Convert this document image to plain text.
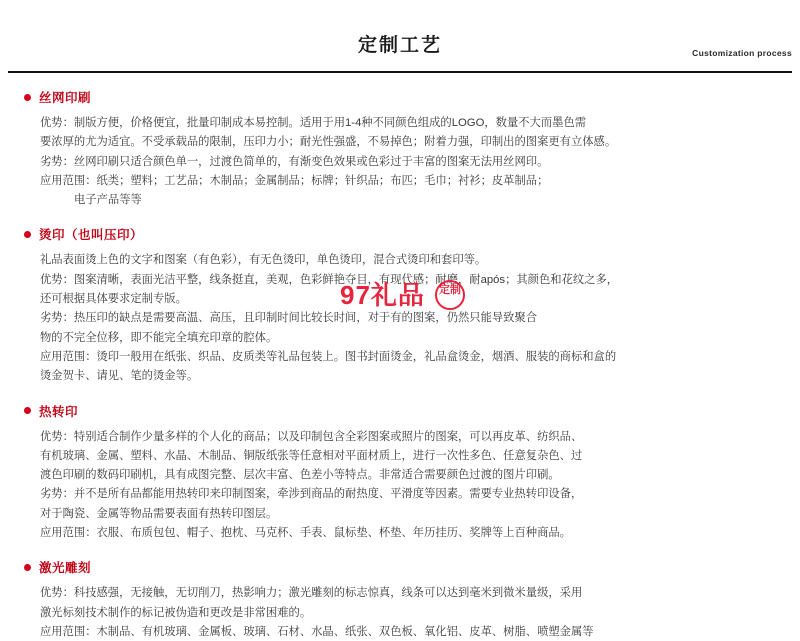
定制工艺	Customization process
丝网印刷

优势：制版方便，价格便宜，批量印制成本易控制。适用于用1-4种不同颜色组成的LOGO，数量不大而墨色需

要浓厚的尤为适宜。不受承载品的限制，压印力小；耐光性强盛，不易掉色；附着力强，印制出的图案更有立体感。

劣势：丝网印刷只适合颜色单一，过渡色简单的，有渐变色效果或色彩过于丰富的图案无法用丝网印。

应用范围：纸类；塑料；工艺品；木制品；金属制品；标牌；针织品；布匹；毛巾；衬衫；皮革制品；

电子产品等等

烫印（也叫压印）

礼品表面烫上色的文字和图案（有色彩），有无色烫印，单色烫印，混合式烫印和套印等。

优势：图案清晰，表面光洁平整，线条挺直，美观，色彩鲜艳夺目，有现代感；耐磨，耐após；其颜色和花纹之多，

还可根据具体要求定制专版。

劣势：热压印的缺点是需要高温、高压，且印制时间比较长时间，对于有的图案，仍然只能导致聚合

物的不完全位移，即不能完全填充印章的腔体。

应用范围：烫印一般用在纸张、织品、皮质类等礼品包装上。图书封面烫金，礼品盒烫金，烟酒、服装的商标和盒的

烫金贺卡、请见、笔的烫金等。

热转印

优势：特别适合制作少量多样的个人化的商品；以及印制包含全彩图案或照片的图案，可以再皮革、纺织品、

有机玻璃、金属、塑料、水晶、木制品、铜版纸张等任意相对平面材质上，进行一次性多色、任意复杂色、过

渡色印刷的数码印刷机，具有成图完整、层次丰富、色差小等特点。非常适合需要颜色过渡的图片印刷。

劣势：并不是所有品都能用热转印来印制图案，牵涉到商品的耐热度、平滑度等因素。需要专业热转印设备，

对于陶瓷、金属等物品需要表面有热转印图层。

应用范围：衣服、布质包包、帽子、抱枕、马克杯、手表、鼠标垫、杯垫、年历挂历、奖牌等上百种商品。

激光雕刻

优势：科技感强，无接触，无切削刀，热影响力；激光雕刻的标志惊真，线条可以达到毫米到微米量级，采用

激光标刻技术制作的标记被伪造和更改是非常困难的。

应用范围：木制品、有机玻璃、金属板、玻璃、石材、水晶、纸张、双色板、氧化铝、皮革、树脂、喷塑金属等

97礼品	定制
